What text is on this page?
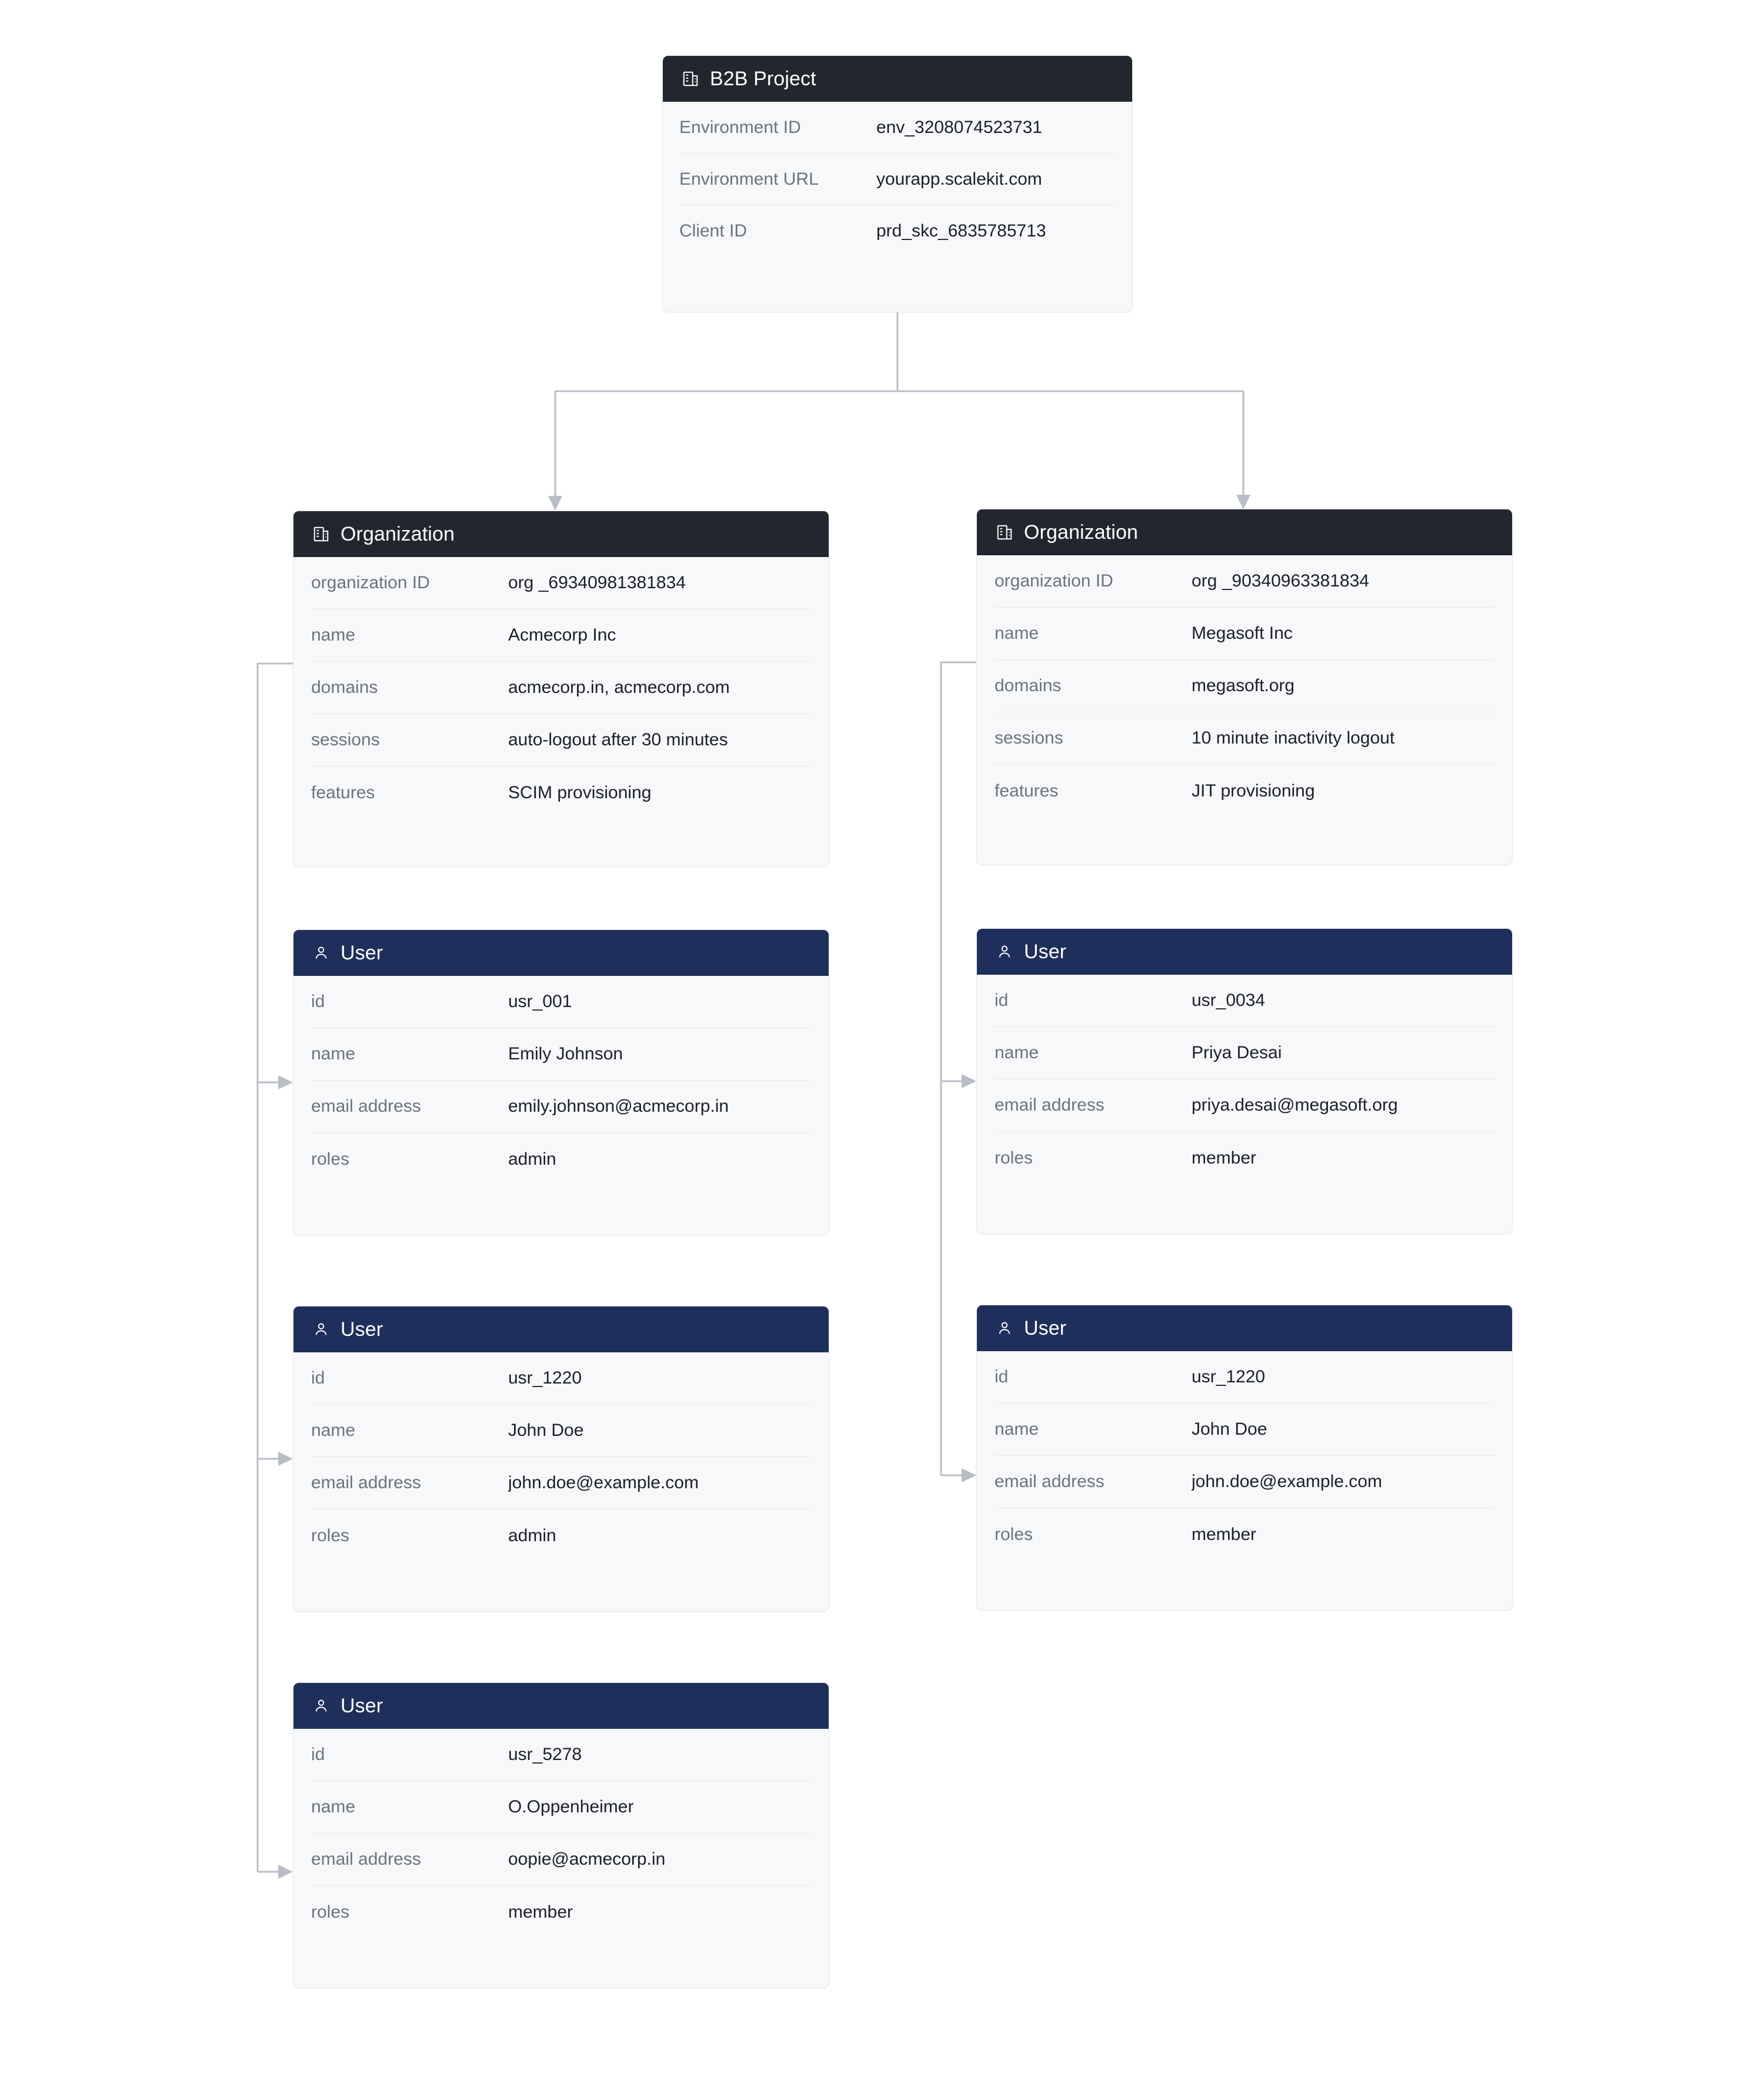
B2B Project
Environment ID	env_3208074523731
Environment URL	yourapp.scalekit.com
Client ID	prd_skc_6835785713
Organization
organization ID	org _69340981381834
name	Acmecorp Inc
domains	acmecorp.in, acmecorp.com
sessions	auto-logout after 30 minutes
features	SCIM provisioning
Organization
organization ID	org _90340963381834
name	Megasoft Inc
domains	megasoft.org
sessions	10 minute inactivity logout
features	JIT provisioning
User
id	usr_001
name	Emily Johnson
email address	emily.johnson@acmecorp.in
roles	admin
User
id	usr_1220
name	John Doe
email address	john.doe@example.com
roles	admin
User
id	usr_5278
name	O.Oppenheimer
email address	oopie@acmecorp.in
roles	member
User
id	usr_0034
name	Priya Desai
email address	priya.desai@megasoft.org
roles	member
User
id	usr_1220
name	John Doe
email address	john.doe@example.com
roles	member
